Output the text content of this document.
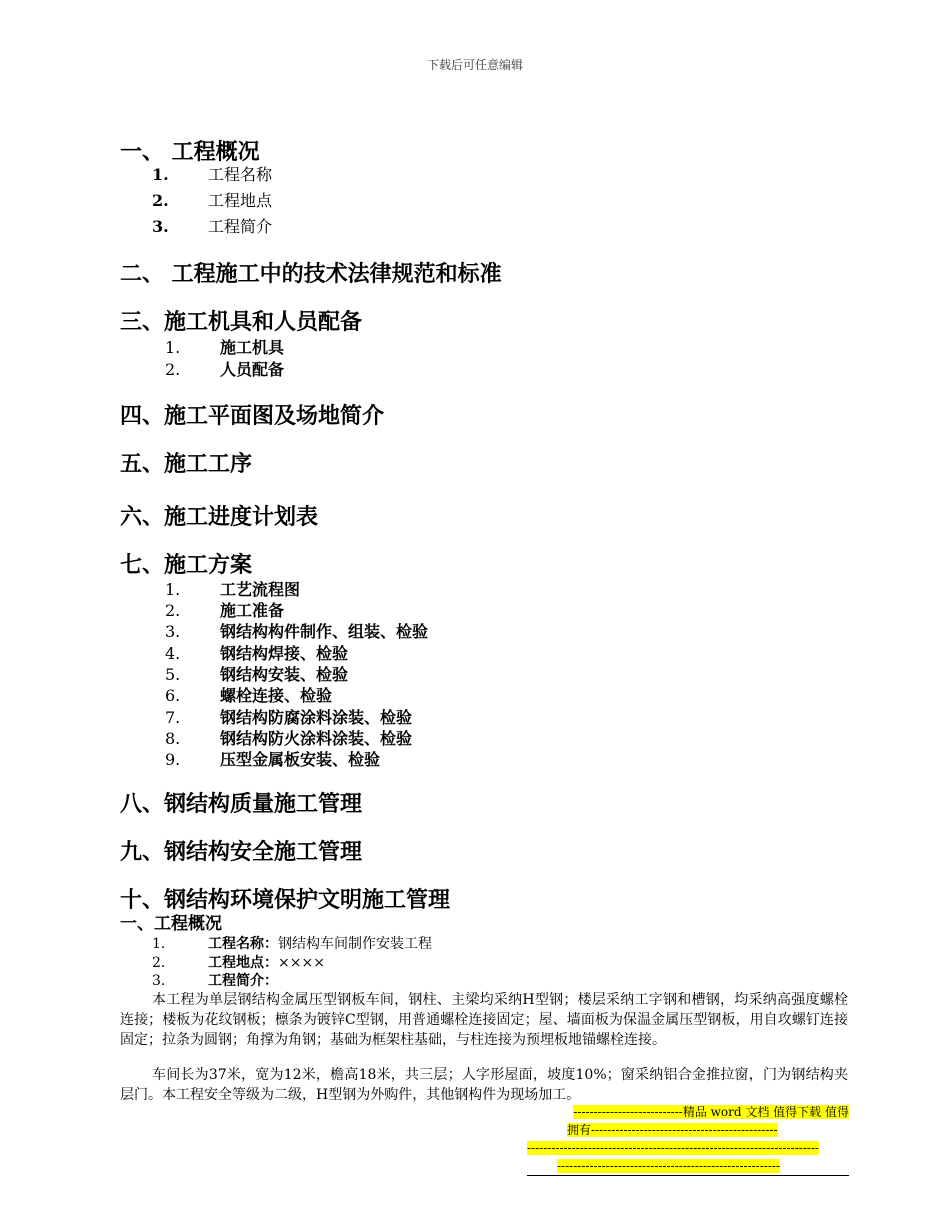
下载后可任意编辑
一、 工程概况
1. 工程名称
2. 工程地点
3. 工程简介
二、 工程施工中的技术法律规范和标准
三、施工机具和人员配备
1. 施工机具
2. 人员配备
四、施工平面图及场地简介
五、施工工序
六、施工进度计划表
七、施工方案
1. 工艺流程图
2. 施工准备
3. 钢结构构件制作、组装、检验
4. 钢结构焊接、检验
5. 钢结构安装、检验
6. 螺栓连接、检验
7. 钢结构防腐涂料涂装、检验
8. 钢结构防火涂料涂装、检验
9. 压型金属板安装、检验
八、钢结构质量施工管理
九、钢结构安全施工管理
十、钢结构环境保护文明施工管理
一、工程概况
1.	工程名称：钢结构车间制作安装工程
2.	工程地点：××××
3.	工程简介：
本工程为单层钢结构金属压型钢板车间，钢柱、主梁均采纳H型钢；楼层采纳工字钢和槽钢，均采纳高强度螺栓连接；楼板为花纹钢板；檩条为镀锌C型钢，用普通螺栓连接固定；屋、墙面板为保温金属压型钢板，用自攻螺钉连接固定；拉条为圆钢；角撑为角钢；基础为框架柱基础，与柱连接为预埋板地锚螺栓连接。
车间长为37米，宽为12米，檐高18米，共三层；人字形屋面，坡度10%；窗采纳铝合金推拉窗，门为钢结构夹层门。本工程安全等级为二级，H型钢为外购件，其他钢构件为现场加工。
---------------------------精品 word 文档 值得下载 值得
拥有----------------------------------------------
------------------------------------------------------------------------
-------------------------------------------------------
